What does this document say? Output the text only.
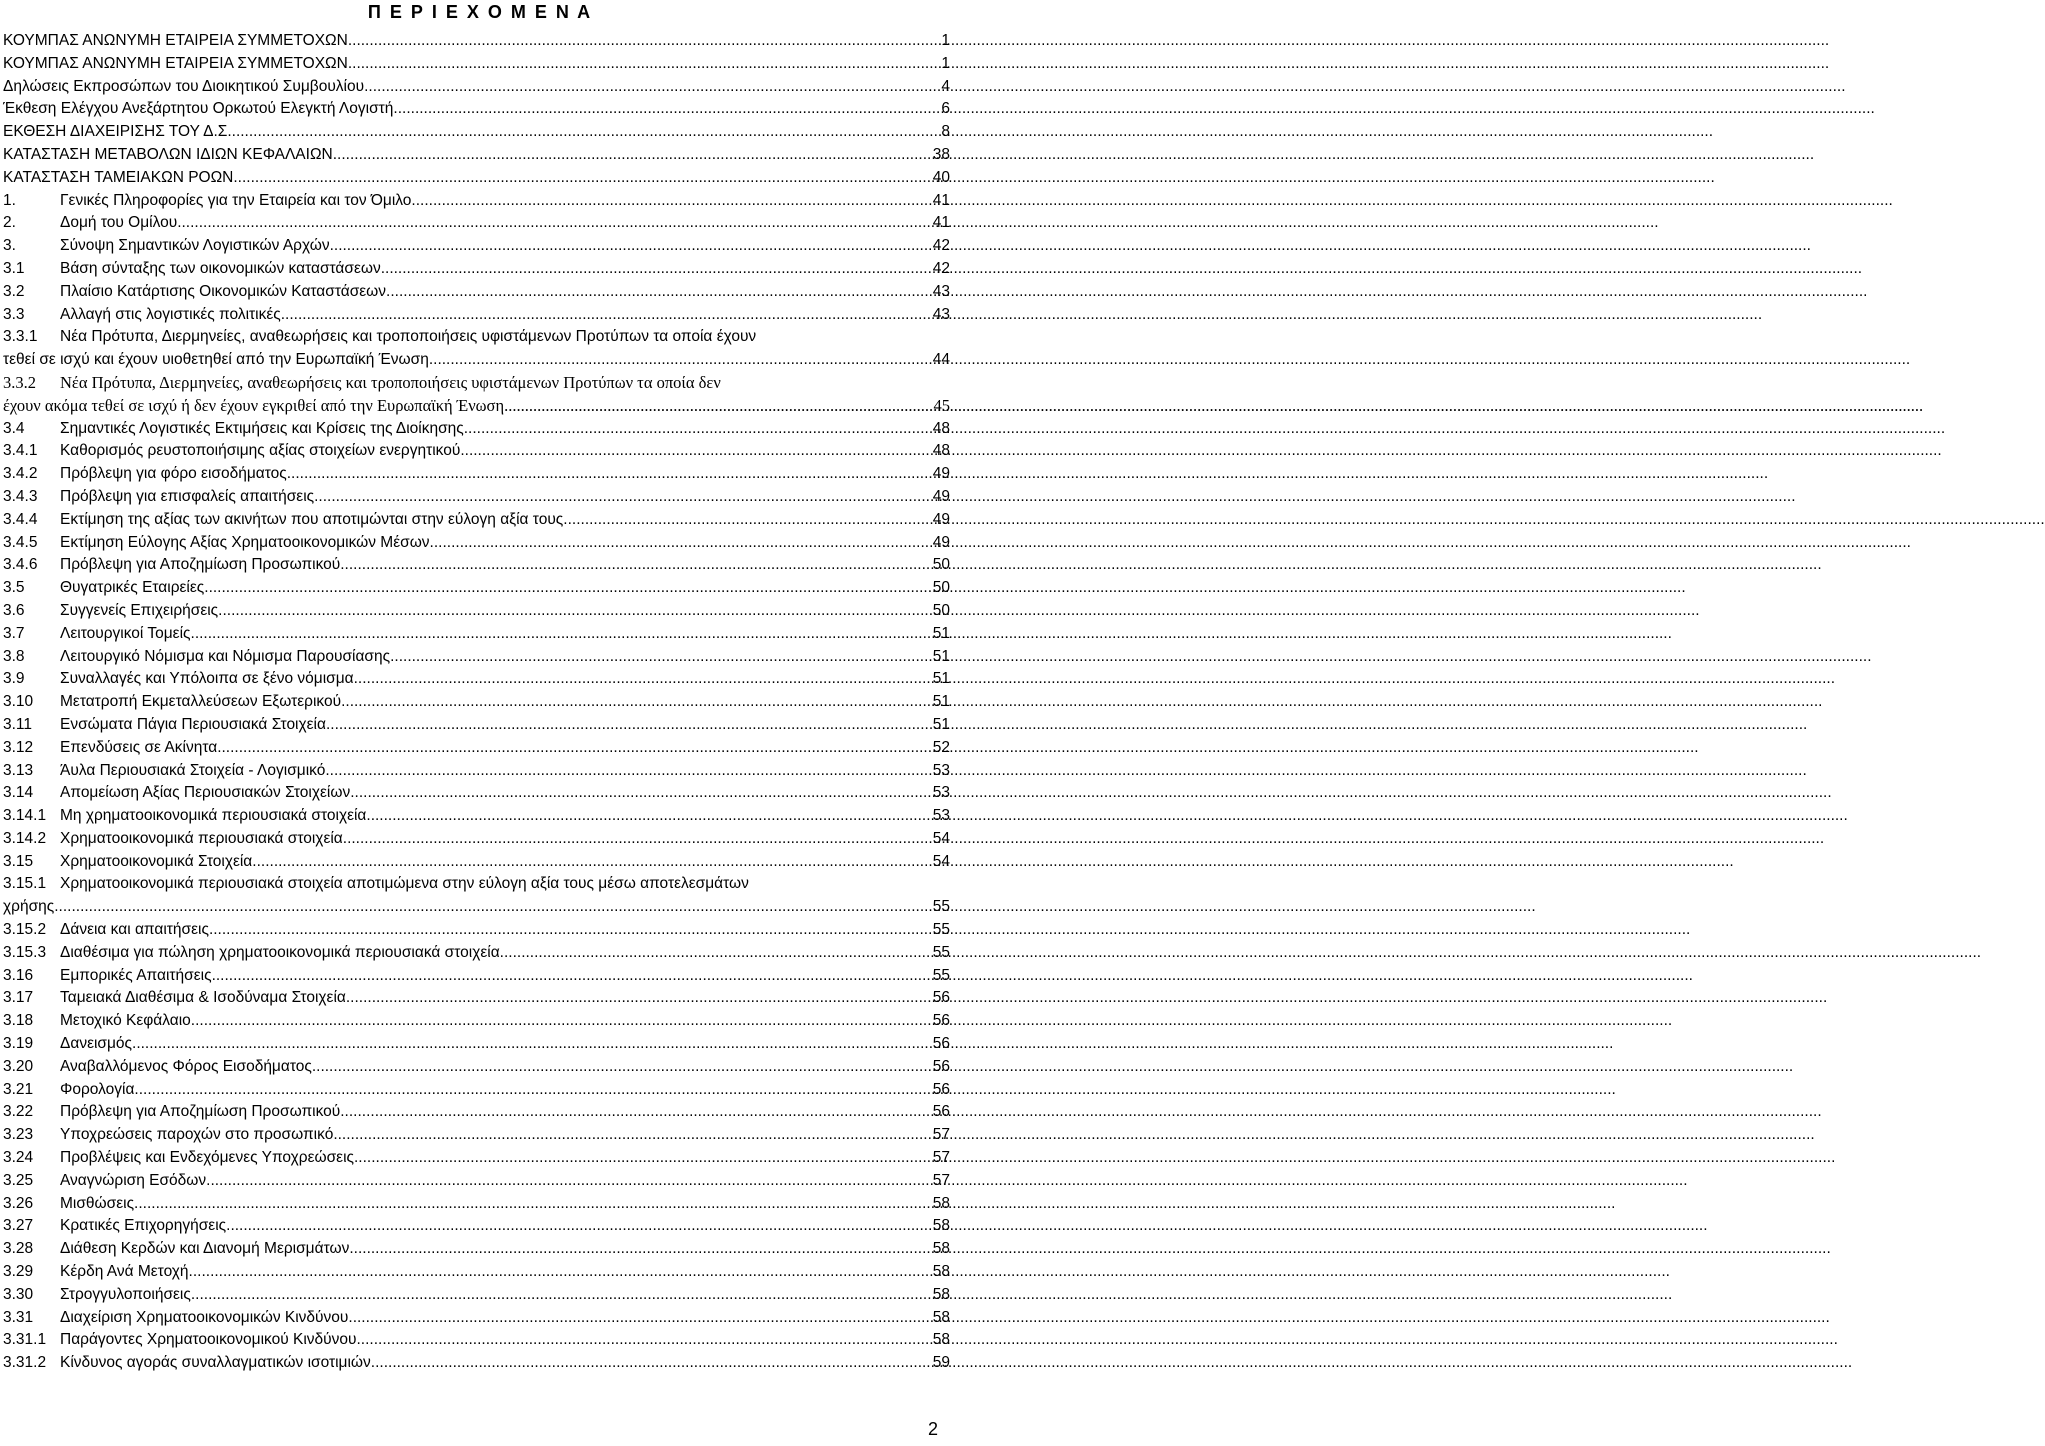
Π Ε Ρ Ι Ε Χ Ο Μ Ε Ν Α
ΚΟΥΜΠΑΣ ΑΝΩΝΥΜΗ ΕΤΑΙΡΕΙΑ ΣΥΜΜΕΤΟΧΩΝ .....	1
ΚΟΥΜΠΑΣ ΑΝΩΝΥΜΗ ΕΤΑΙΡΕΙΑ ΣΥΜΜΕΤΟΧΩΝ .....	1
Δηλώσεις Εκπροσώπων του Διοικητικού Συμβουλίου .....	4
Έκθεση Ελέγχου Ανεξάρτητου Ορκωτού Ελεγκτή Λογιστή .....	6
ΕΚΘΕΣΗ ΔΙΑΧΕΙΡΙΣΗΣ ΤΟΥ Δ.Σ. .....	8
ΚΑΤΑΣΤΑΣΗ ΜΕΤΑΒΟΛΩΝ ΙΔΙΩΝ ΚΕΦΑΛΑΙΩΝ .....	38
ΚΑΤΑΣΤΑΣΗ ΤΑΜΕΙΑΚΩΝ ΡΟΩΝ .....	40
1.	Γενικές Πληροφορίες για την Εταιρεία και τον Όμιλο .....	41
2.	Δομή του Ομίλου .....	41
3.	Σύνοψη Σημαντικών Λογιστικών Αρχών .....	42
3.1	Βάση σύνταξης των οικονομικών καταστάσεων .....	42
3.2	Πλαίσιο Κατάρτισης Οικονομικών Καταστάσεων .....	43
3.3	Αλλαγή στις λογιστικές πολιτικές .....	43
3.3.1 Νέα Πρότυπα, Διερμηνείες, αναθεωρήσεις και τροποποιήσεις υφιστάμενων Προτύπων τα οποία έχουν
τεθεί σε ισχύ και έχουν υιοθετηθεί από την Ευρωπαϊκή Ένωση .....	44
3.3.2 Νέα Πρότυπα, Διερμηνείες, αναθεωρήσεις και τροποποιήσεις υφιστάμενων Προτύπων τα οποία δεν
έχουν ακόμα τεθεί σε ισχύ ή δεν έχουν εγκριθεί από την Ευρωπαϊκή Ένωση .....	45
3.4	Σημαντικές Λογιστικές Εκτιμήσεις και Κρίσεις της Διοίκησης .....	48
3.4.1	Καθορισμός ρευστοποιήσιμης αξίας στοιχείων ενεργητικού .....	48
3.4.2	Πρόβλεψη για φόρο εισοδήματος .....	49
3.4.3	Πρόβλεψη για επισφαλείς απαιτήσεις .....	49
3.4.4	Εκτίμηση της αξίας των ακινήτων που αποτιμώνται στην εύλογη αξία τους .....	49
3.4.5	Εκτίμηση Εύλογης Αξίας Χρηματοοικονομικών Μέσων .....	49
3.4.6	Πρόβλεψη για Αποζημίωση Προσωπικού .....	50
3.5	Θυγατρικές Εταιρείες .....	50
3.6	Συγγενείς Επιχειρήσεις .....	50
3.7	Λειτουργικοί Τομείς .....	51
3.8	Λειτουργικό Νόμισμα και Νόμισμα Παρουσίασης .....	51
3.9	Συναλλαγές και Υπόλοιπα σε ξένο νόμισμα .....	51
3.10	Μετατροπή Εκμεταλλεύσεων Εξωτερικού .....	51
3.11	Ενσώματα Πάγια Περιουσιακά Στοιχεία .....	51
3.12	Επενδύσεις σε Ακίνητα .....	52
3.13	Άυλα Περιουσιακά Στοιχεία - Λογισμικό .....	53
3.14	Απομείωση Αξίας Περιουσιακών Στοιχείων .....	53
3.14.1 Μη χρηματοοικονομικά περιουσιακά στοιχεία .....	53
3.14.2 Χρηματοοικονομικά περιουσιακά στοιχεία .....	54
3.15	Χρηματοοικονομικά Στοιχεία .....	54
3.15.1 Χρηματοοικονομικά περιουσιακά στοιχεία αποτιμώμενα στην εύλογη αξία τους μέσω αποτελεσμάτων
χρήσης .....	55
3.15.2 Δάνεια και απαιτήσεις .....	55
3.15.3 Διαθέσιμα για πώληση χρηματοοικονομικά περιουσιακά στοιχεία .....	55
3.16	Εμπορικές Απαιτήσεις .....	55
3.17	Ταμειακά Διαθέσιμα & Ισοδύναμα Στοιχεία .....	56
3.18	Μετοχικό Κεφάλαιο .....	56
3.19	Δανεισμός .....	56
3.20	Αναβαλλόμενος Φόρος Εισοδήματος .....	56
3.21	Φορολογία .....	56
3.22	Πρόβλεψη για Αποζημίωση Προσωπικού .....	56
3.23	Υποχρεώσεις παροχών στο προσωπικό .....	57
3.24	Προβλέψεις και Ενδεχόμενες Υποχρεώσεις .....	57
3.25	Αναγνώριση Εσόδων .....	57
3.26	Μισθώσεις .....	58
3.27	Κρατικές Επιχορηγήσεις .....	58
3.28	Διάθεση Κερδών και Διανομή Μερισμάτων .....	58
3.29	Κέρδη Ανά Μετοχή .....	58
3.30	Στρογγυλοποιήσεις .....	58
3.31	Διαχείριση Χρηματοοικονομικών Κινδύνου .....	58
3.31.1 Παράγοντες Χρηματοοικονομικού Κινδύνου .....	58
3.31.2 Κίνδυνος αγοράς συναλλαγματικών ισοτιμιών .....	59
2
